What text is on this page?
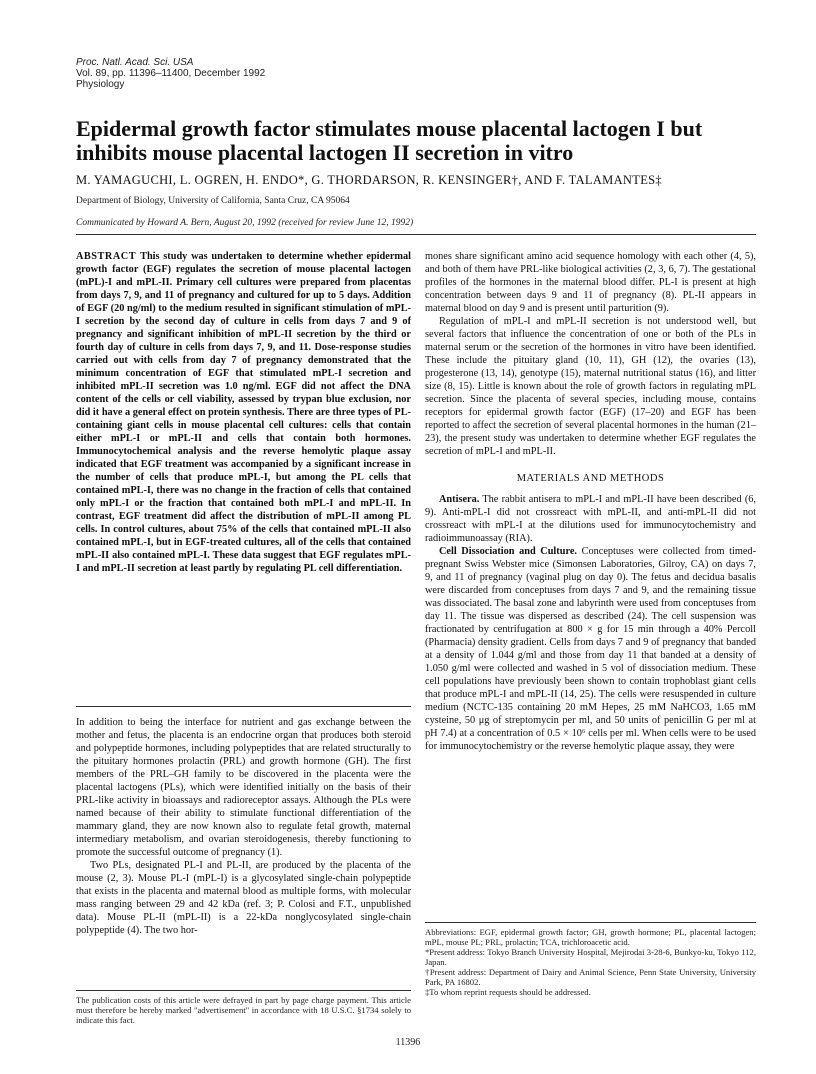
Proc. Natl. Acad. Sci. USA
Vol. 89, pp. 11396–11400, December 1992
Physiology
Epidermal growth factor stimulates mouse placental lactogen I but inhibits mouse placental lactogen II secretion in vitro
M. YAMAGUCHI, L. OGREN, H. ENDO*, G. THORDARSON, R. KENSINGER†, AND F. TALAMANTES‡
Department of Biology, University of California, Santa Cruz, CA 95064
Communicated by Howard A. Bern, August 20, 1992 (received for review June 12, 1992)

ABSTRACT This study was undertaken to determine whether epidermal growth factor (EGF) regulates the secretion of mouse placental lactogen (mPL)-I and mPL-II. Primary cell cultures were prepared from placentas from days 7, 9, and 11 of pregnancy and cultured for up to 5 days. Addition of EGF (20 ng/ml) to the medium resulted in significant stimulation of mPL-I secretion by the second day of culture in cells from days 7 and 9 of pregnancy and significant inhibition of mPL-II secretion by the third or fourth day of culture in cells from days 7, 9, and 11. Dose-response studies carried out with cells from day 7 of pregnancy demonstrated that the minimum concentration of EGF that stimulated mPL-I secretion and inhibited mPL-II secretion was 1.0 ng/ml. EGF did not affect the DNA content of the cells or cell viability, assessed by trypan blue exclusion, nor did it have a general effect on protein synthesis. There are three types of PL-containing giant cells in mouse placental cell cultures: cells that contain either mPL-I or mPL-II and cells that contain both hormones. Immunocytochemical analysis and the reverse hemolytic plaque assay indicated that EGF treatment was accompanied by a significant increase in the number of cells that produce mPL-I, but among the PL cells that contained mPL-I, there was no change in the fraction of cells that contained only mPL-I or the fraction that contained both mPL-I and mPL-II. In contrast, EGF treatment did affect the distribution of mPL-II among PL cells. In control cultures, about 75% of the cells that contained mPL-II also contained mPL-I, but in EGF-treated cultures, all of the cells that contained mPL-II also contained mPL-I. These data suggest that EGF regulates mPL-I and mPL-II secretion at least partly by regulating PL cell differentiation.

In addition to being the interface for nutrient and gas exchange between the mother and fetus, the placenta is an endocrine organ that produces both steroid and polypeptide hormones, including polypeptides that are related structurally to the pituitary hormones prolactin (PRL) and growth hormone (GH). The first members of the PRL–GH family to be discovered in the placenta were the placental lactogens (PLs), which were identified initially on the basis of their PRL-like activity in bioassays and radioreceptor assays. Although the PLs were named because of their ability to stimulate functional differentiation of the mammary gland, they are now known also to regulate fetal growth, maternal intermediary metabolism, and ovarian steroidogenesis, thereby functioning to promote the successful outcome of pregnancy (1).

Two PLs, designated PL-I and PL-II, are produced by the placenta of the mouse (2, 3). Mouse PL-I (mPL-I) is a glycosylated single-chain polypeptide that exists in the placenta and maternal blood as multiple forms, with molecular mass ranging between 29 and 42 kDa (ref. 3; P. Colosi and F.T., unpublished data). Mouse PL-II (mPL-II) is a 22-kDa nonglycosylated single-chain polypeptide (4). The two hor-

mones share significant amino acid sequence homology with each other (4, 5), and both of them have PRL-like biological activities (2, 3, 6, 7). The gestational profiles of the hormones in the maternal blood differ. PL-I is present at high concentration between days 9 and 11 of pregnancy (8). PL-II appears in maternal blood on day 9 and is present until parturition (9).

Regulation of mPL-I and mPL-II secretion is not understood well, but several factors that influence the concentration of one or both of the PLs in maternal serum or the secretion of the hormones in vitro have been identified. These include the pituitary gland (10, 11), GH (12), the ovaries (13), progesterone (13, 14), genotype (15), maternal nutritional status (16), and litter size (8, 15). Little is known about the role of growth factors in regulating mPL secretion. Since the placenta of several species, including mouse, contains receptors for epidermal growth factor (EGF) (17–20) and EGF has been reported to affect the secretion of several placental hormones in the human (21–23), the present study was undertaken to determine whether EGF regulates the secretion of mPL-I and mPL-II.

MATERIALS AND METHODS

Antisera. The rabbit antisera to mPL-I and mPL-II have been described (6, 9). Anti-mPL-I did not crossreact with mPL-II, and anti-mPL-II did not crossreact with mPL-I at the dilutions used for immunocytochemistry and radioimmunoassay (RIA).

Cell Dissociation and Culture. Conceptuses were collected from timed-pregnant Swiss Webster mice (Simonsen Laboratories, Gilroy, CA) on days 7, 9, and 11 of pregnancy (vaginal plug on day 0). The fetus and decidua basalis were discarded from conceptuses from days 7 and 9, and the remaining tissue was dissociated. The basal zone and labyrinth were used from conceptuses from day 11. The tissue was dispersed as described (24). The cell suspension was fractionated by centrifugation at 800 × g for 15 min through a 40% Percoll (Pharmacia) density gradient. Cells from days 7 and 9 of pregnancy that banded at a density of 1.044 g/ml and those from day 11 that banded at a density of 1.050 g/ml were collected and washed in 5 vol of dissociation medium. These cell populations have previously been shown to contain trophoblast giant cells that produce mPL-I and mPL-II (14, 25). The cells were resuspended in culture medium (NCTC-135 containing 20 mM Hepes, 25 mM NaHCO3, 1.65 mM cysteine, 50 μg of streptomycin per ml, and 50 units of penicillin G per ml at pH 7.4) at a concentration of 0.5 × 10⁶ cells per ml. When cells were to be used for immunocytochemistry or the reverse hemolytic plaque assay, they were

Abbreviations: EGF, epidermal growth factor; GH, growth hormone; PL, placental lactogen; mPL, mouse PL; PRL, prolactin; TCA, trichloroacetic acid.

*Present address: Tokyo Branch University Hospital, Mejirodai 3-28-6, Bunkyo-ku, Tokyo 112, Japan.

†Present address: Department of Dairy and Animal Science, Penn State University, University Park, PA 16802.

‡To whom reprint requests should be addressed.

The publication costs of this article were defrayed in part by page charge payment. This article must therefore be hereby marked "advertisement" in accordance with 18 U.S.C. §1734 solely to indicate this fact.
11396
